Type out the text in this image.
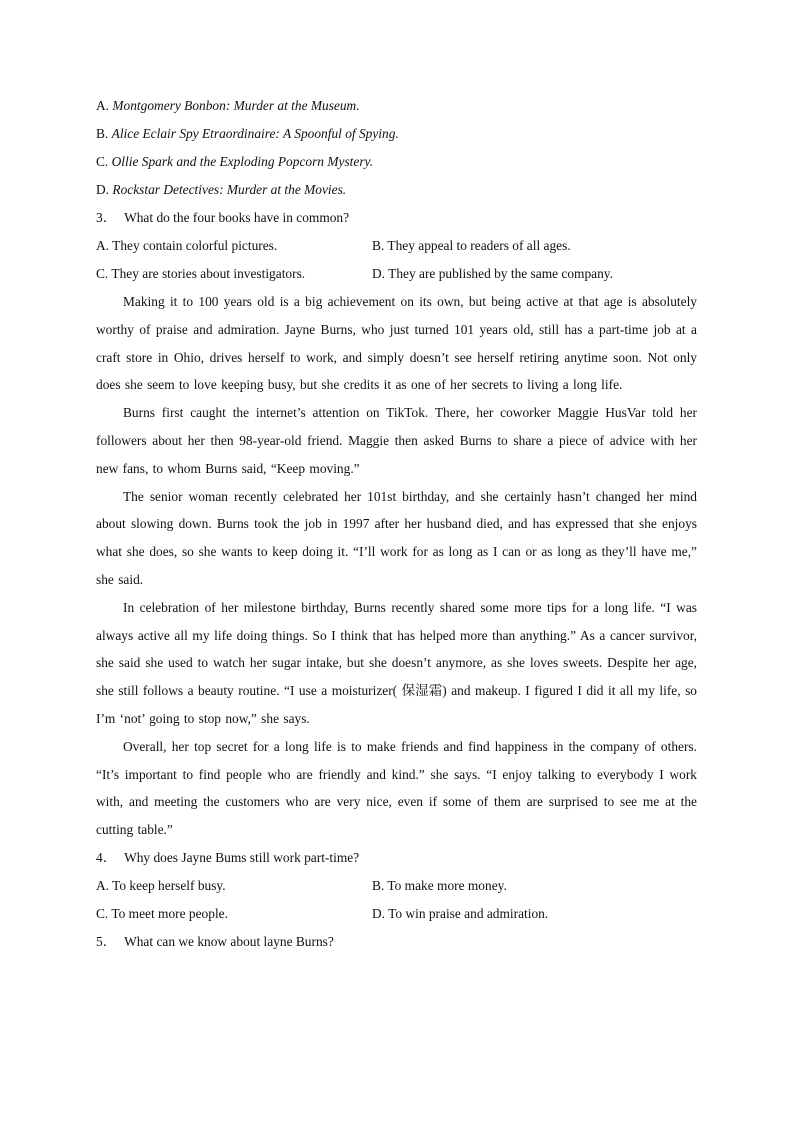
A. Montgomery Bonbon: Murder at the Museum.
B. Alice Eclair Spy Etraordinaire: A Spoonful of Spying.
C. Ollie Spark and the Exploding Popcorn Mystery.
D. Rockstar Detectives: Murder at the Movies.
3． What do the four books have in common?
A. They contain colorful pictures.	B. They appeal to readers of all ages.
C. They are stories about investigators.	D. They are published by the same company.

Making it to 100 years old is a big achievement on its own, but being active at that age is absolutely worthy of praise and admiration. Jayne Burns, who just turned 101 years old, still has a part-time job at a craft store in Ohio, drives herself to work, and simply doesn’t see herself retiring anytime soon. Not only does she seem to love keeping busy, but she credits it as one of her secrets to living a long life.

Burns first caught the internet’s attention on TikTok. There, her coworker Maggie HusVar told her followers about her then 98-year-old friend. Maggie then asked Burns to share a piece of advice with her new fans, to whom Burns said, “Keep moving.”

The senior woman recently celebrated her 101st birthday, and she certainly hasn’t changed her mind about slowing down. Burns took the job in 1997 after her husband died, and has expressed that she enjoys what she does, so she wants to keep doing it. “I’ll work for as long as I can or as long as they’ll have me,” she said.

In celebration of her milestone birthday, Burns recently shared some more tips for a long life. “I was always active all my life doing things. So I think that has helped more than anything.” As a cancer survivor, she said she used to watch her sugar intake, but she doesn’t anymore, as she loves sweets. Despite her age, she still follows a beauty routine. “I use a moisturizer( 保湿霜) and makeup. I figured I did it all my life, so I’m ‘not’ going to stop now,” she says.

Overall, her top secret for a long life is to make friends and find happiness in the company of others. “It’s important to find people who are friendly and kind.” she says. “I enjoy talking to everybody I work with, and meeting the customers who are very nice, even if some of them are surprised to see me at the cutting table.”

4． Why does Jayne Bums still work part-time?
A. To keep herself busy.	B. To make more money.
C. To meet more people.	D. To win praise and admiration.
5． What can we know about layne Burns?
